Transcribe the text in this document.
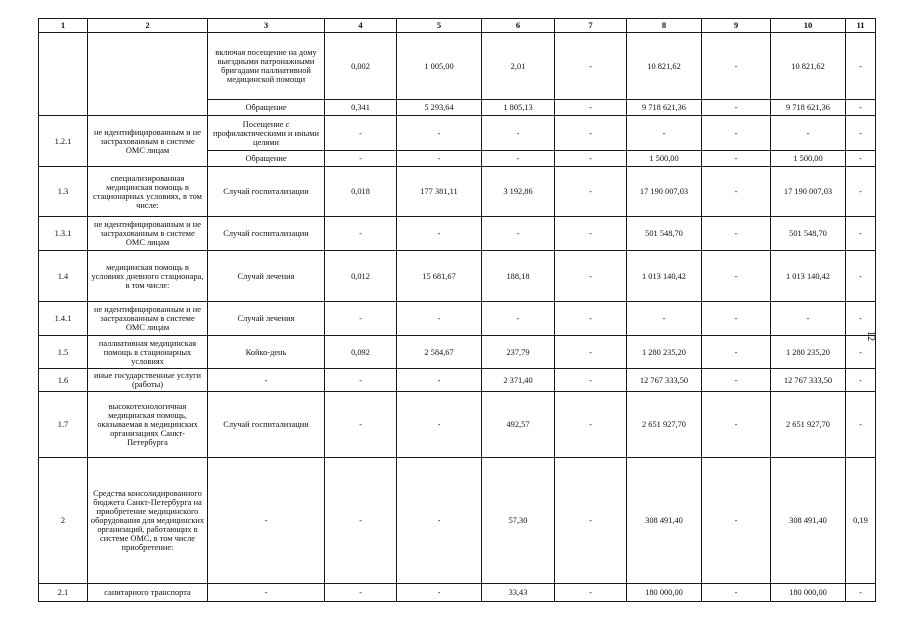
1	2	3	4	5	6	7	8	9	10	11
		включая посещение на дому выездными патронажными бригадами паллиативной медицинской помощи	0,002	1 005,00	2,01	-	10 821,62	-	10 821,62	-
		Обращение	0,341	5 293,64	1 805,13	-	9 718 621,36	-	9 718 621,36	-
1.2.1	не идентифицированным и не застрахованным в системе ОМС лицам	Посещение с профилактическими и иными целями	-	-	-	-	-	-	-	-
		Обращение	-	-	-	-	1 500,00	-	1 500,00	-
1.3	специализированная медицинская помощь в стационарных условиях, в том числе:	Случай госпитализации	0,018	177 381,11	3 192,86	-	17 190 007,03	-	17 190 007,03	-
1.3.1	не идентифицированным и не застрахованным в системе ОМС лицам	Случай госпитализации	-	-	-	-	501 548,70	-	501 548,70	-
1.4	медицинская помощь в условиях дневного стационара, в том числе:	Случай лечения	0,012	15 681,67	188,18	-	1 013 140,42	-	1 013 140,42	-
1.4.1	не идентифицированным и не застрахованным в системе ОМС лицам	Случай лечения	-	-	-	-	-	-	-	-
1.5	паллиативная медицинская помощь в стационарных условиях	Койко-день	0,092	2 584,67	237,79	-	1 280 235,20	-	1 280 235,20	-
1.6	иные государственные услуги (работы)	-	-	-	2 371,40	-	12 767 333,50	-	12 767 333,50	-
1.7	высокотехнологичная медицинская помощь, оказываемая в медицинских организациях Санкт-Петербурга	Случай госпитализации	-	-	492,57	-	2 651 927,70	-	2 651 927,70	-
2	Средства консолидированного бюджета Санкт-Петербурга на приобретение медицинского оборудования для медицинских организаций, работающих в системе ОМС, в том числе приобретение:	-	-	-	57,30	-	308 491,40	-	308 491,40	0,19
2.1	санитарного транспорта	-	-	-	33,43	-	180 000,00	-	180 000,00	-
12
